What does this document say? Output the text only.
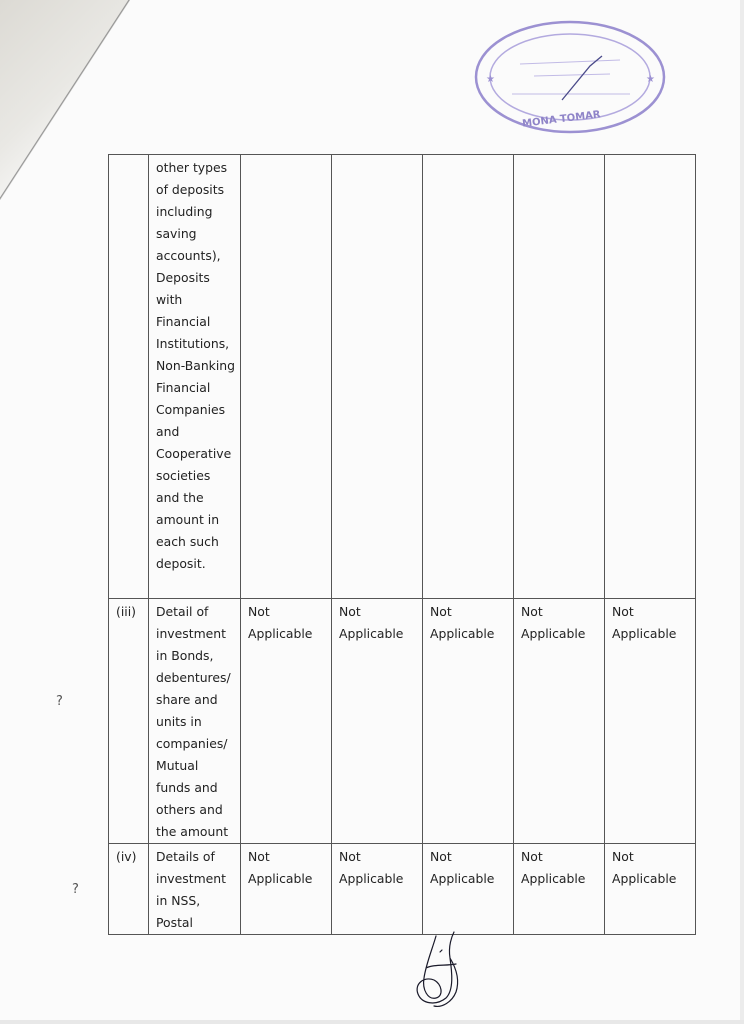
★
★
MONA TOMAR

	other types of deposits including saving accounts), Deposits with Financial Institutions, Non-Banking Financial Companies and Cooperative societies and the amount in each such deposit.					

(iii)	Detail of investment in Bonds, debentures/ share and units in companies/ Mutual funds and others and the amount	Not Applicable	Not Applicable	Not Applicable	Not Applicable	Not Applicable
(iv)	Details of investment in NSS, Postal	Not Applicable	Not Applicable	Not Applicable	Not Applicable	Not Applicable
?
?
